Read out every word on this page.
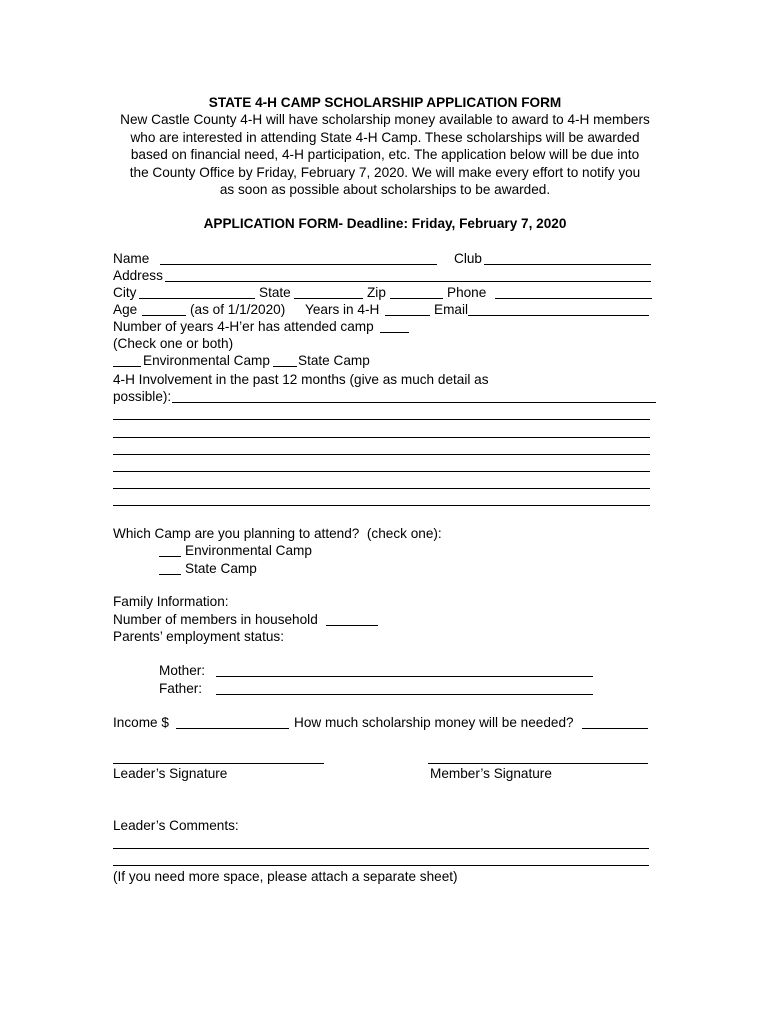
STATE 4-H CAMP SCHOLARSHIP APPLICATION FORM
New Castle County 4-H will have scholarship money available to award to 4-H members
who are interested in attending State 4-H Camp. These scholarships will be awarded
based on financial need, 4-H participation, etc. The application below will be due into
the County Office by Friday, February 7, 2020. We will make every effort to notify you
as soon as possible about scholarships to be awarded.
APPLICATION FORM- Deadline: Friday, February 7, 2020
Name	Club
Address
City	State	Zip	Phone
Age	(as of 1/1/2020) Years in 4-H	Email
Number of years 4-H’er has attended camp
(Check one or both)
Environmental Camp State Camp
4-H Involvement in the past 12 months (give as much detail as
possible):
Which Camp are you planning to attend?  (check one):
Environmental Camp
State Camp
Family Information:
Number of members in household
Parents’ employment status:
Mother:
Father:
Income $	How much scholarship money will be needed?
Leader’s Signature	Member’s Signature
Leader’s Comments:
(If you need more space, please attach a separate sheet)
